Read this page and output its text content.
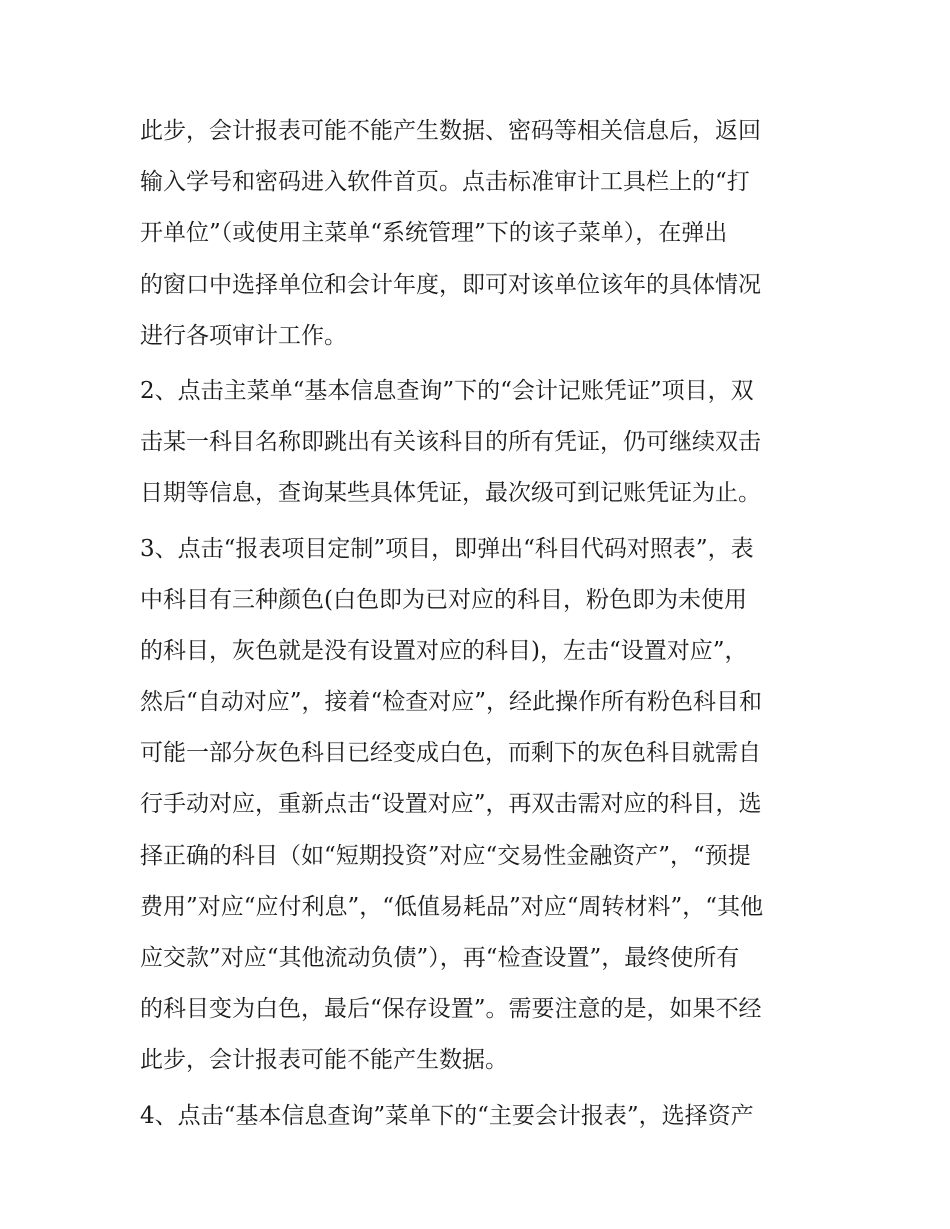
此步，会计报表可能不能产生数据、密码等相关信息后，返回
输入学号和密码进入软件首页。点击标准审计工具栏上的“打
开单位”（或使用主菜单“系统管理”下的该子菜单），在弹出
的窗口中选择单位和会计年度，即可对该单位该年的具体情况
进行各项审计工作。
2、点击主菜单“基本信息查询”下的“会计记账凭证”项目，双
击某一科目名称即跳出有关该科目的所有凭证，仍可继续双击
日期等信息，查询某些具体凭证，最次级可到记账凭证为止。
3、点击“报表项目定制”项目，即弹出“科目代码对照表”，表
中科目有三种颜色(白色即为已对应的科目，粉色即为未使用
的科目，灰色就是没有设置对应的科目)，左击“设置对应”，
然后“自动对应”，接着“检查对应”，经此操作所有粉色科目和
可能一部分灰色科目已经变成白色，而剩下的灰色科目就需自
行手动对应，重新点击“设置对应”，再双击需对应的科目，选
择正确的科目（如“短期投资”对应“交易性金融资产”，“预提
费用”对应“应付利息”，“低值易耗品”对应“周转材料”，“其他
应交款”对应“其他流动负债”），再“检查设置”，最终使所有
的科目变为白色，最后“保存设置”。需要注意的是，如果不经
此步，会计报表可能不能产生数据。
4、点击“基本信息查询”菜单下的“主要会计报表”，选择资产
